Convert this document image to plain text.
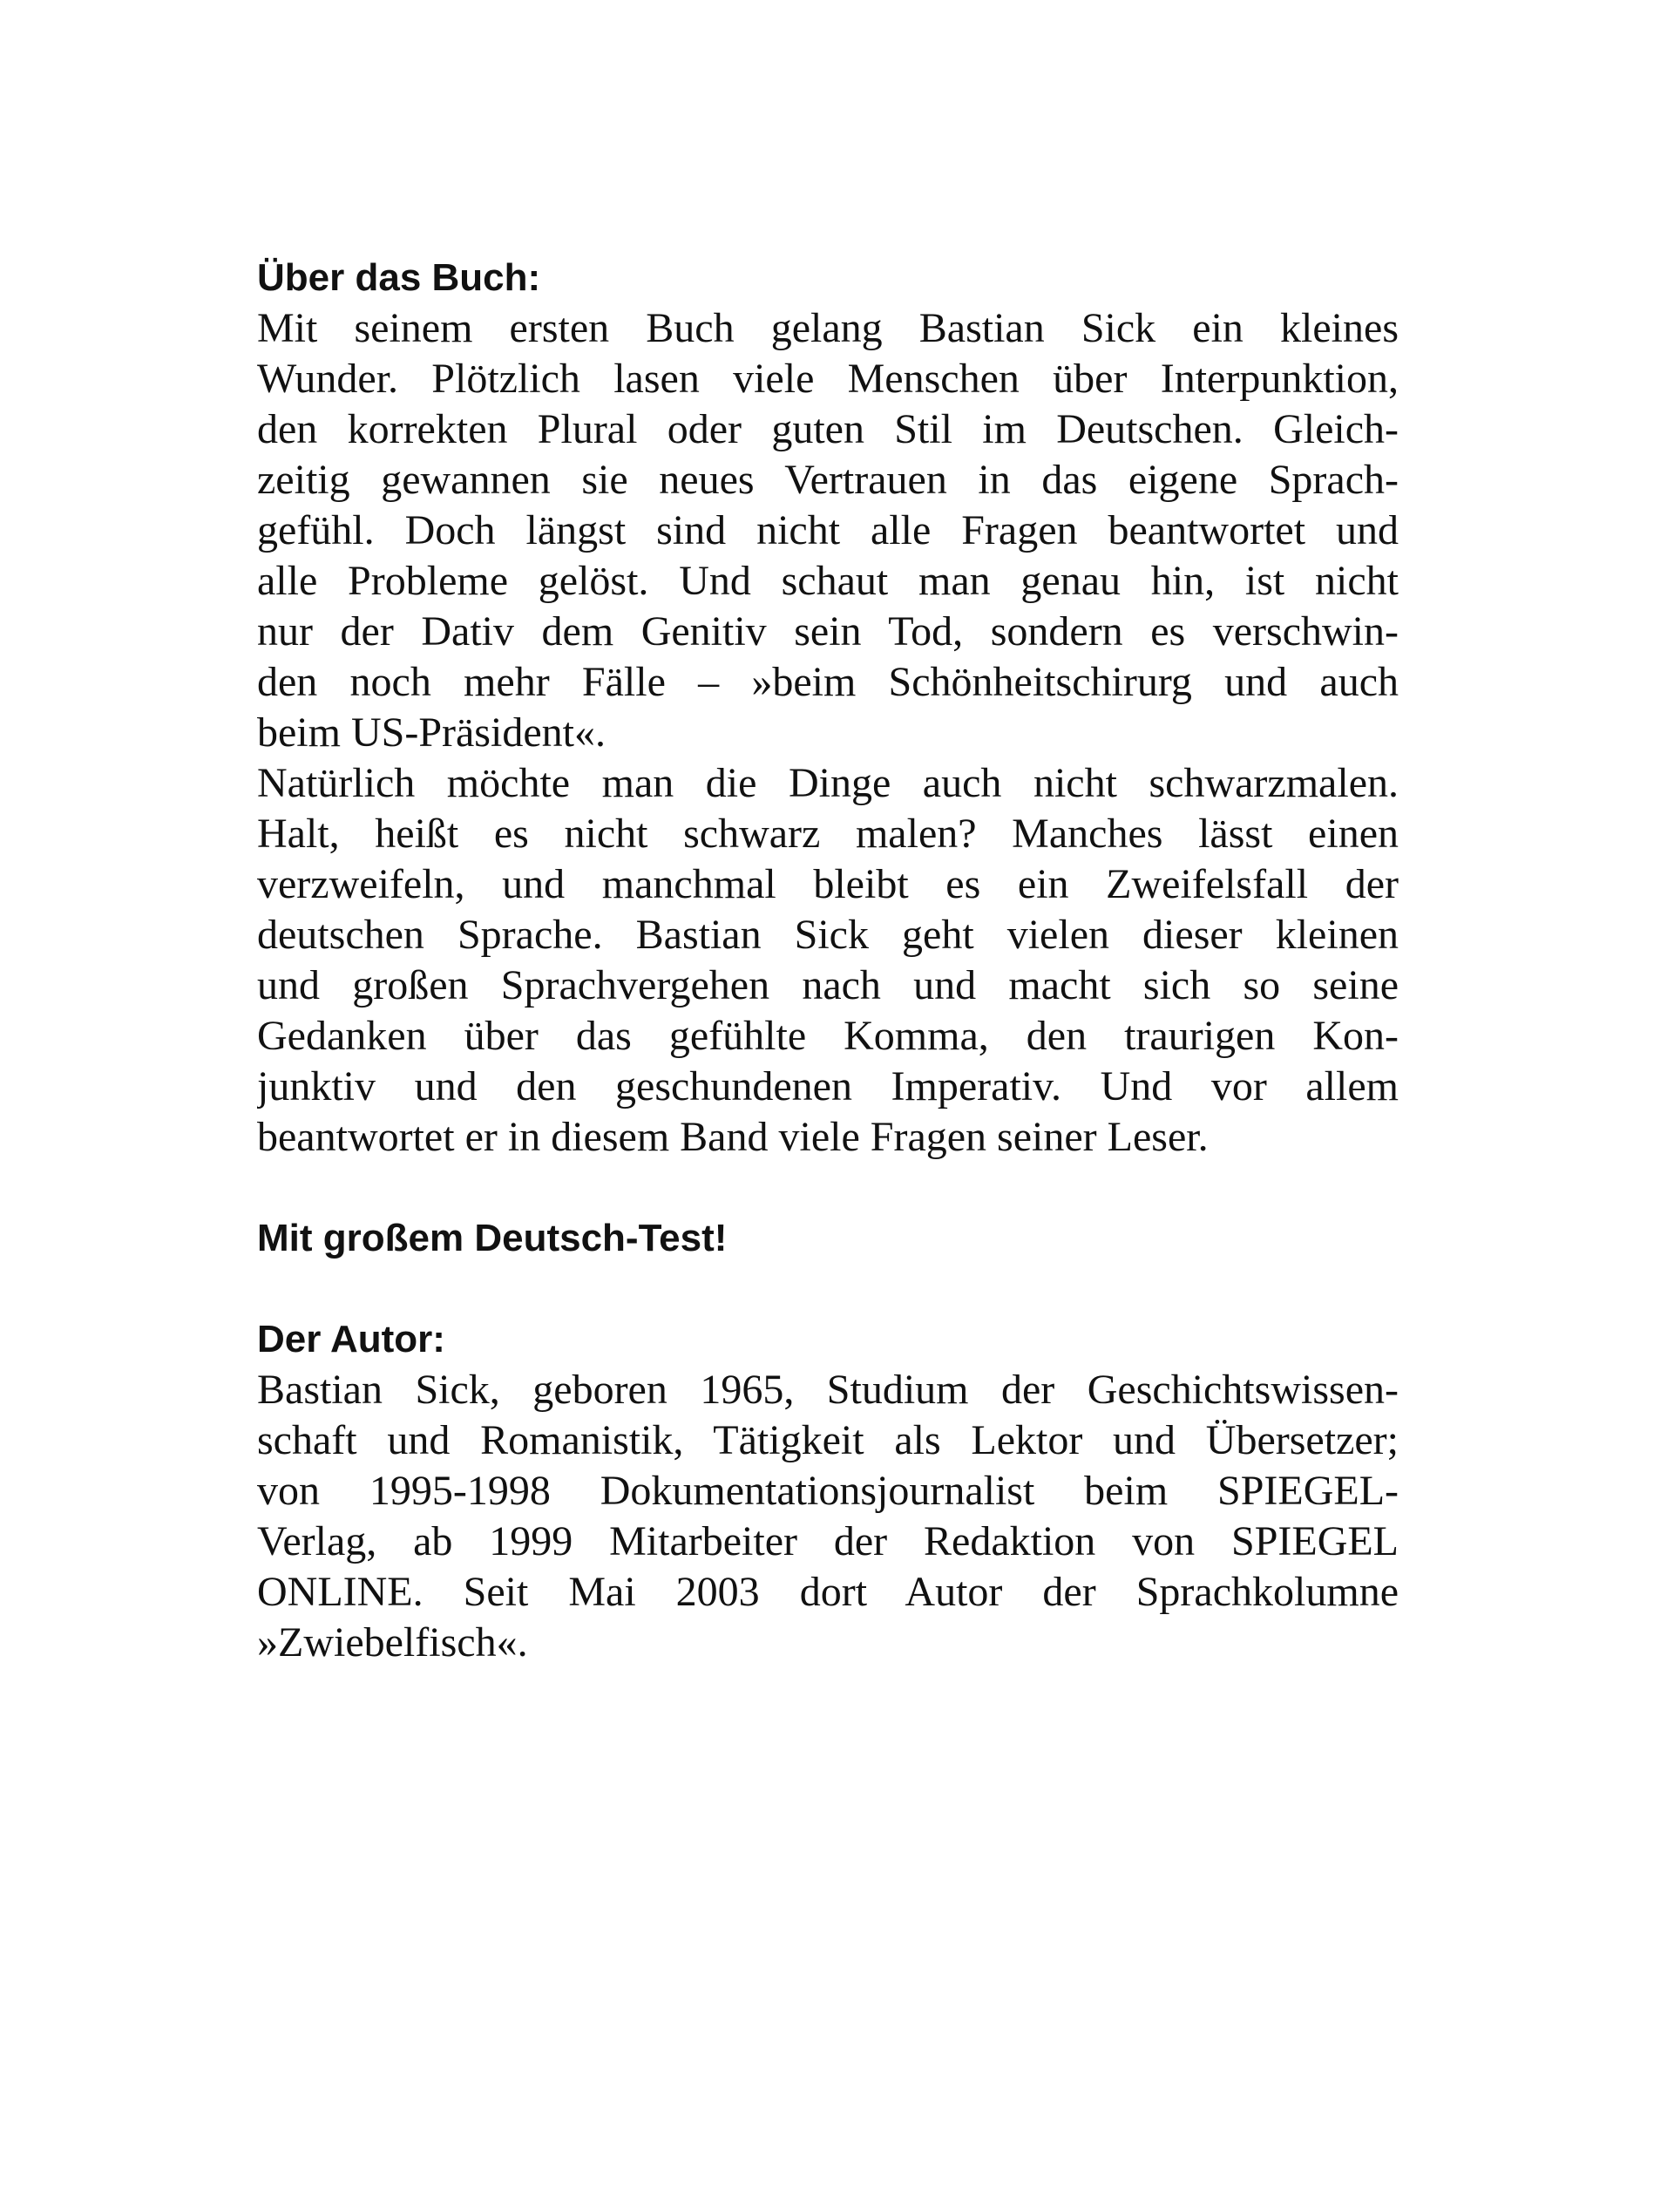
Über das Buch:

Mit seinem ersten Buch gelang Bastian Sick ein kleines
Wunder. Plötzlich lasen viele Menschen über Interpunktion,
den korrekten Plural oder guten Stil im Deutschen. Gleich-
zeitig gewannen sie neues Vertrauen in das eigene Sprach-
gefühl. Doch längst sind nicht alle Fragen beantwortet und
alle Probleme gelöst. Und schaut man genau hin, ist nicht
nur der Dativ dem Genitiv sein Tod, sondern es verschwin-
den noch mehr Fälle – »beim Schönheitschirurg und auch
beim US-Präsident«.

Natürlich möchte man die Dinge auch nicht schwarzmalen.
Halt, heißt es nicht schwarz malen? Manches lässt einen
verzweifeln, und manchmal bleibt es ein Zweifelsfall der
deutschen Sprache. Bastian Sick geht vielen dieser kleinen
und großen Sprachvergehen nach und macht sich so seine
Gedanken über das gefühlte Komma, den traurigen Kon-
junktiv und den geschundenen Imperativ. Und vor allem
beantwortet er in diesem Band viele Fragen seiner Leser.

Mit großem Deutsch-Test!
Der Autor:

Bastian Sick, geboren 1965, Studium der Geschichtswissen-
schaft und Romanistik, Tätigkeit als Lektor und Übersetzer;
von 1995-1998 Dokumentationsjournalist beim SPIEGEL-
Verlag, ab 1999 Mitarbeiter der Redaktion von SPIEGEL
ONLINE. Seit Mai 2003 dort Autor der Sprachkolumne
»Zwiebelfisch«.
